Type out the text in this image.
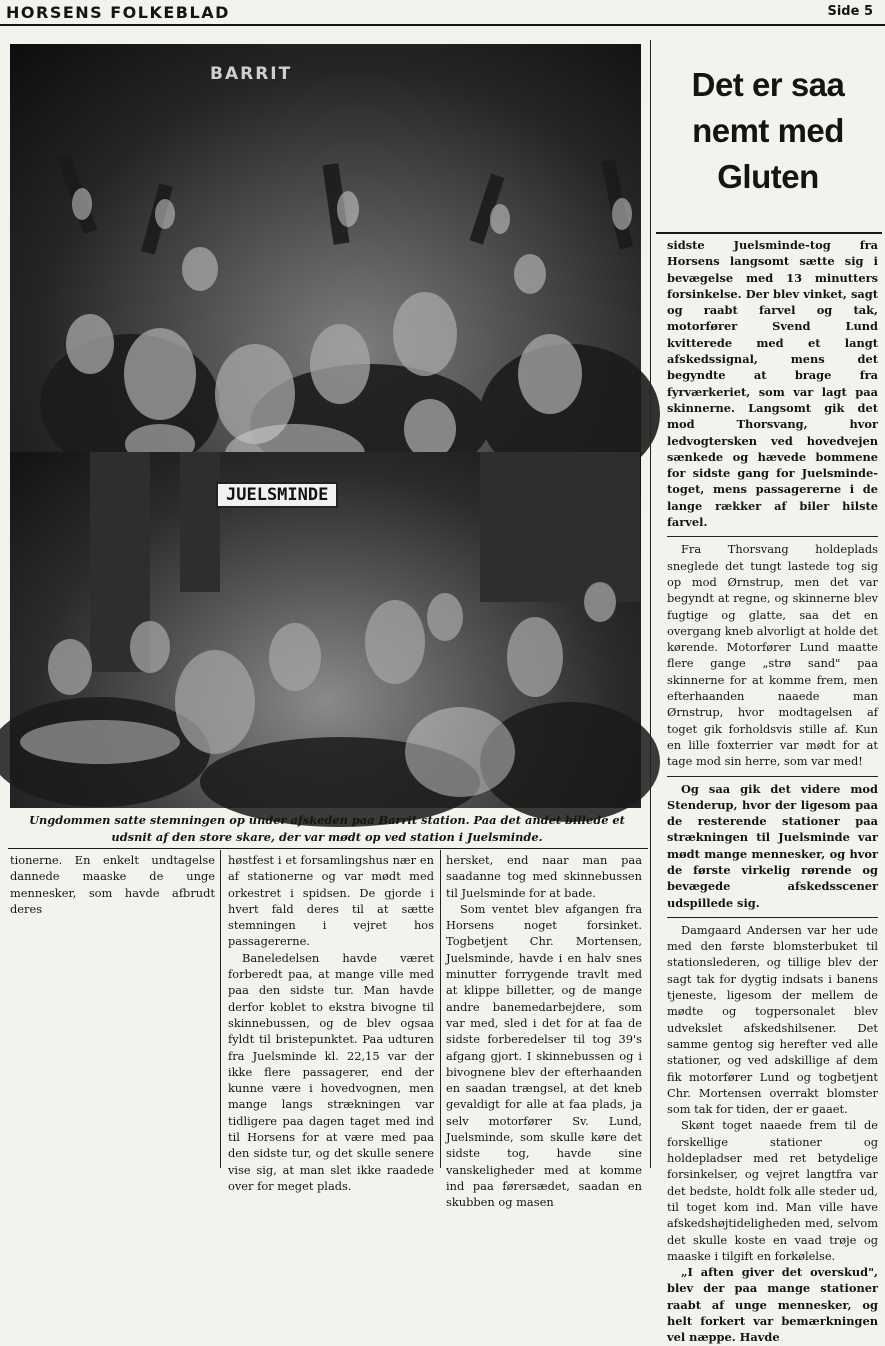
HORSENS FOLKEBLAD	Side 5
BARRIT
JUELSMINDE
Ungdommen satte stemningen op under afskeden paa Barrit station. Paa det andet billede et udsnit af den store skare, der var mødt op ved station i Juelsminde.
Det er saa
nemt med
Gluten

sidste Juelsminde-tog fra Horsens langsomt sætte sig i bevægelse med 13 minutters forsinkelse. Der blev vinket, sagt og raabt farvel og tak, motorfører Svend Lund kvitterede med et langt afskedssignal, mens det begyndte at brage fra fyrværkeriet, som var lagt paa skinnerne. Langsomt gik det mod Thorsvang, hvor ledvogtersken ved hovedvejen sænkede og hævede bommene for sidste gang for Juelsminde-toget, mens passagererne i de lange rækker af biler hilste farvel.

Fra Thorsvang holdeplads sneglede det tungt lastede tog sig op mod Ørnstrup, men det var begyndt at regne, og skinnerne blev fugtige og glatte, saa det en overgang kneb alvorligt at holde det kørende. Motorfører Lund maatte flere gange „strø sand" paa skinnerne for at komme frem, men efterhaanden naaede man Ørnstrup, hvor modtagelsen af toget gik forholdsvis stille af. Kun en lille foxterrier var mødt for at tage mod sin herre, som var med!

Og saa gik det videre mod Stenderup, hvor der ligesom paa de resterende stationer paa strækningen til Juelsminde var mødt mange mennesker, og hvor de første virkelig rørende og bevægede afskedsscener udspillede sig.

Damgaard Andersen var her ude med den første blomsterbuket til stationslederen, og tillige blev der sagt tak for dygtig indsats i banens tjeneste, ligesom der mellem de mødte og togpersonalet blev udvekslet afskedshilsener. Det samme gentog sig herefter ved alle stationer, og ved adskillige af dem fik motorfører Lund og togbetjent Chr. Mortensen overrakt blomster som tak for tiden, der er gaaet.

Skønt toget naaede frem til de forskellige stationer og holdepladser med ret betydelige forsinkelser, og vejret langtfra var det bedste, holdt folk alle steder ud, til toget kom ind. Man ville have afskedshøjtideligheden med, selvom det skulle koste en vaad trøje og maaske i tilgift en forkølelse.

„I aften giver det overskud", blev der paa mange stationer raabt af unge mennesker, og helt forkert var bemærkningen vel næppe. Havde

tionerne. En enkelt undtagelse dannede maaske de unge mennesker, som havde afbrudt deres

høstfest i et forsamlingshus nær en af stationerne og var mødt med orkestret i spidsen. De gjorde i hvert fald deres til at sætte stemningen i vejret hos passagererne.

Baneledelsen havde været forberedt paa, at mange ville med paa den sidste tur. Man havde derfor koblet to ekstra bivogne til skinnebussen, og de blev ogsaa fyldt til bristepunktet. Paa udturen fra Juelsminde kl. 22,15 var der ikke flere passagerer, end der kunne være i hovedvognen, men mange langs strækningen var tidligere paa dagen taget med ind til Horsens for at være med paa den sidste tur, og det skulle senere vise sig, at man slet ikke raadede over for meget plads.

hersket, end naar man paa saadanne tog med skinnebussen til Juelsminde for at bade.

Som ventet blev afgangen fra Horsens noget forsinket. Togbetjent Chr. Mortensen, Juelsminde, havde i en halv snes minutter forrygende travlt med at klippe billetter, og de mange andre banemedarbejdere, som var med, sled i det for at faa de sidste forberedelser til tog 39's afgang gjort. I skinnebussen og i bivognene blev der efterhaanden en saadan trængsel, at det kneb gevaldigt for alle at faa plads, ja selv motorfører Sv. Lund, Juelsminde, som skulle køre det sidste tog, havde sine vanskeligheder med at komme ind paa førersædet, saadan en skubben og masen
